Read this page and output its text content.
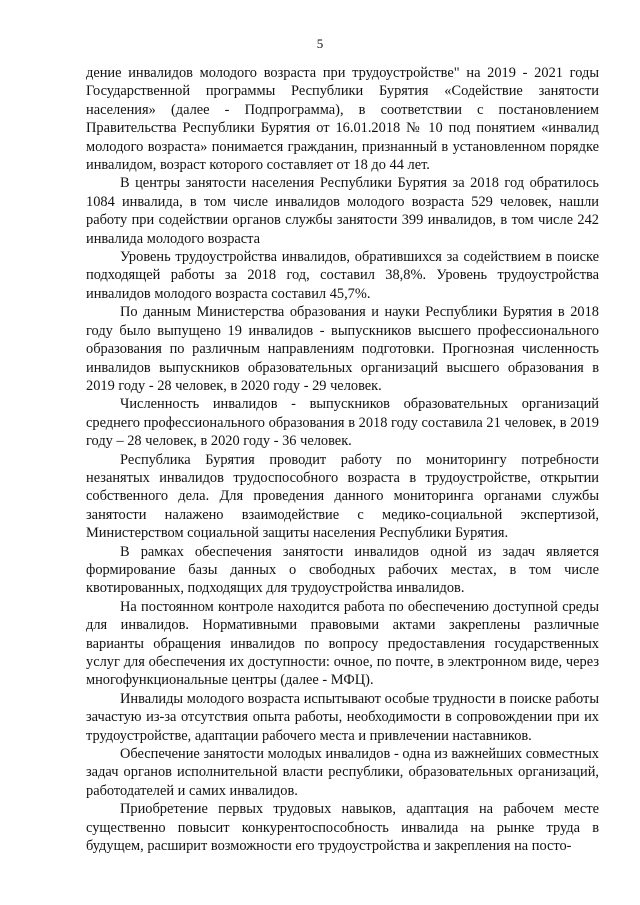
5

дение инвалидов молодого возраста при трудоустройстве" на 2019 - 2021 годы Государственной программы Республики Бурятия «Содействие занятости населения» (далее - Подпрограмма), в соответствии с постановлением Правительства Республики Бурятия от 16.01.2018 № 10 под понятием «инвалид молодого возраста» понимается гражданин, признанный в установленном порядке инвалидом, возраст которого составляет от 18 до 44 лет.

В центры занятости населения Республики Бурятия за 2018 год обратилось 1084 инвалида, в том числе инвалидов молодого возраста 529 человек, нашли работу при содействии органов службы занятости 399 инвалидов, в том числе 242 инвалида молодого возраста

Уровень трудоустройства инвалидов, обратившихся за содействием в поиске подходящей работы за 2018 год, составил 38,8%. Уровень трудоустройства инвалидов молодого возраста составил 45,7%.

По данным Министерства образования и науки Республики Бурятия в 2018 году было выпущено 19 инвалидов - выпускников высшего профессионального образования по различным направлениям подготовки. Прогнозная численность инвалидов выпускников образовательных организаций высшего образования в 2019 году - 28 человек, в 2020 году - 29 человек.

Численность инвалидов - выпускников образовательных организаций среднего профессионального образования в 2018 году составила 21 человек, в 2019 году – 28 человек, в 2020 году - 36 человек.

Республика Бурятия проводит работу по мониторингу потребности незанятых инвалидов трудоспособного возраста в трудоустройстве, открытии собственного дела. Для проведения данного мониторинга органами службы занятости налажено взаимодействие с медико-социальной экспертизой, Министерством социальной защиты населения Республики Бурятия.

В рамках обеспечения занятости инвалидов одной из задач является формирование базы данных о свободных рабочих местах, в том числе квотированных, подходящих для трудоустройства инвалидов.

На постоянном контроле находится работа по обеспечению доступной среды для инвалидов. Нормативными правовыми актами закреплены различные варианты обращения инвалидов по вопросу предоставления государственных услуг для обеспечения их доступности: очное, по почте, в электронном виде, через многофункциональные центры (далее - МФЦ).

Инвалиды молодого возраста испытывают особые трудности в поиске работы зачастую из-за отсутствия опыта работы, необходимости в сопровождении при их трудоустройстве, адаптации рабочего места и привлечении наставников.

Обеспечение занятости молодых инвалидов - одна из важнейших совместных задач органов исполнительной власти республики, образовательных организаций, работодателей и самих инвалидов.

Приобретение первых трудовых навыков, адаптация на рабочем месте существенно повысит конкурентоспособность инвалида на рынке труда в будущем, расширит возможности его трудоустройства и закрепления на посто-
